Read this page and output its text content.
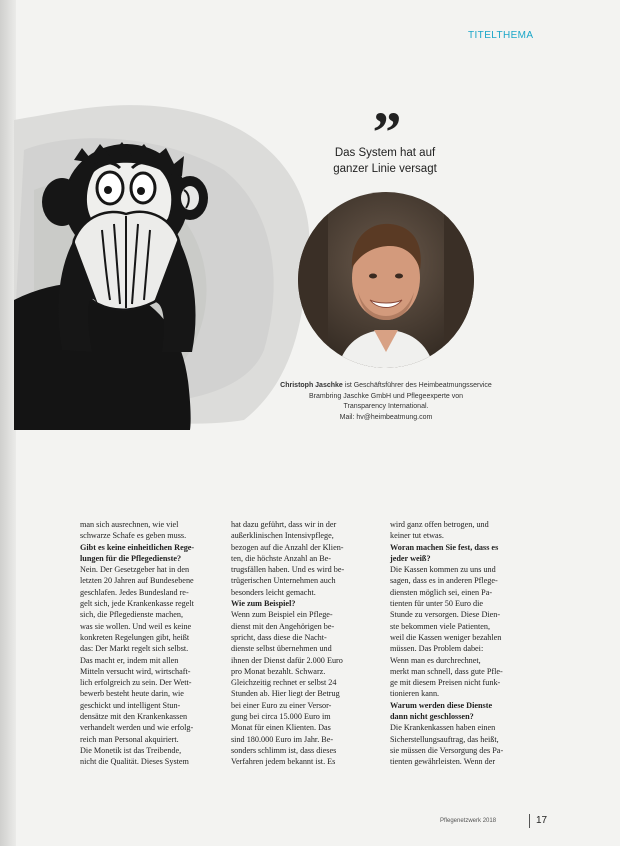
TITELTHEMA
”
Das System hat auf
ganzer Linie versagt
Christoph Jaschke ist Geschäftsführer des Heimbeatmungsservice
Brambring Jaschke GmbH und Pflegeexperte von
Transparency International.
Mail: hv@heimbeatmung.com
man sich ausrechnen, wie viel
schwarze Schafe es geben muss.
Gibt es keine einheitlichen Rege-
lungen für die Pflegedienste?
Nein. Der Gesetzgeber hat in den
letzten 20 Jahren auf Bundesebene
geschlafen. Jedes Bundesland re-
gelt sich, jede Krankenkasse regelt
sich, die Pflegedienste machen,
was sie wollen. Und weil es keine
konkreten Regelungen gibt, heißt
das: Der Markt regelt sich selbst.
Das macht er, indem mit allen
Mitteln versucht wird, wirtschaft-
lich erfolgreich zu sein. Der Wett-
bewerb besteht heute darin, wie
geschickt und intelligent Stun-
densätze mit den Krankenkassen
verhandelt werden und wie erfolg-
reich man Personal akquiriert.
Die Monetik ist das Treibende,
nicht die Qualität. Dieses System
hat dazu geführt, dass wir in der
außerklinischen Intensivpflege,
bezogen auf die Anzahl der Klien-
ten, die höchste Anzahl an Be-
trugsfällen haben. Und es wird be-
trügerischen Unternehmen auch
besonders leicht gemacht.
Wie zum Beispiel?
Wenn zum Beispiel ein Pflege-
dienst mit den Angehörigen be-
spricht, dass diese die Nacht-
dienste selbst übernehmen und
ihnen der Dienst dafür 2.000 Euro
pro Monat bezahlt. Schwarz.
Gleichzeitig rechnet er selbst 24
Stunden ab. Hier liegt der Betrug
bei einer Euro zu einer Versor-
gung bei circa 15.000 Euro im
Monat für einen Klienten. Das
sind 180.000 Euro im Jahr. Be-
sonders schlimm ist, dass dieses
Verfahren jedem bekannt ist. Es
wird ganz offen betrogen, und
keiner tut etwas.
Woran machen Sie fest, dass es
jeder weiß?
Die Kassen kommen zu uns und
sagen, dass es in anderen Pflege-
diensten möglich sei, einen Pa-
tienten für unter 50 Euro die
Stunde zu versorgen. Diese Dien-
ste bekommen viele Patienten,
weil die Kassen weniger bezahlen
müssen. Das Problem dabei:
Wenn man es durchrechnet,
merkt man schnell, dass gute Pfle-
ge mit diesem Preisen nicht funk-
tionieren kann.
Warum werden diese Dienste
dann nicht geschlossen?
Die Krankenkassen haben einen
Sicherstellungsauftrag, das heißt,
sie müssen die Versorgung des Pa-
tienten gewährleisten. Wenn der
Pflegenetzwerk 2018	17
